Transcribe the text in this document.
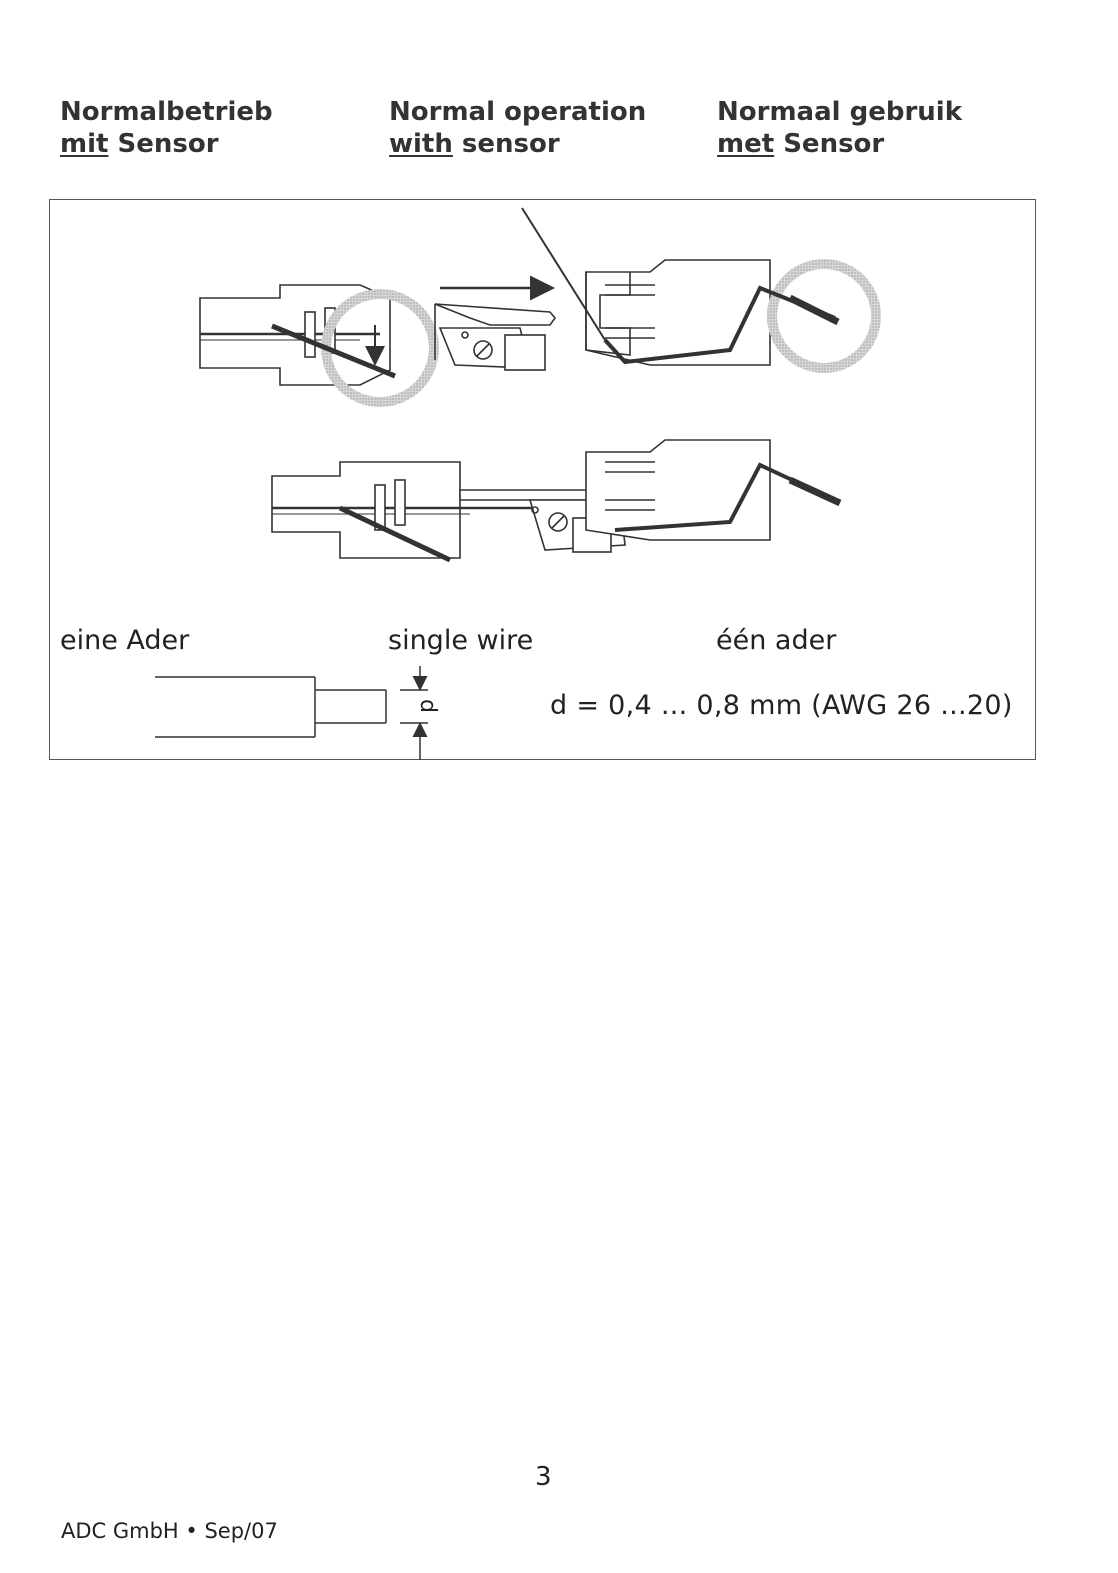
Normalbetrieb
mit Sensor
Normal operation
with sensor
Normaal gebruik
met Sensor
d
eine Ader	single wire	één ader
d = 0,4 ... 0,8 mm (AWG 26 ...20)
3
ADC GmbH • Sep/07
